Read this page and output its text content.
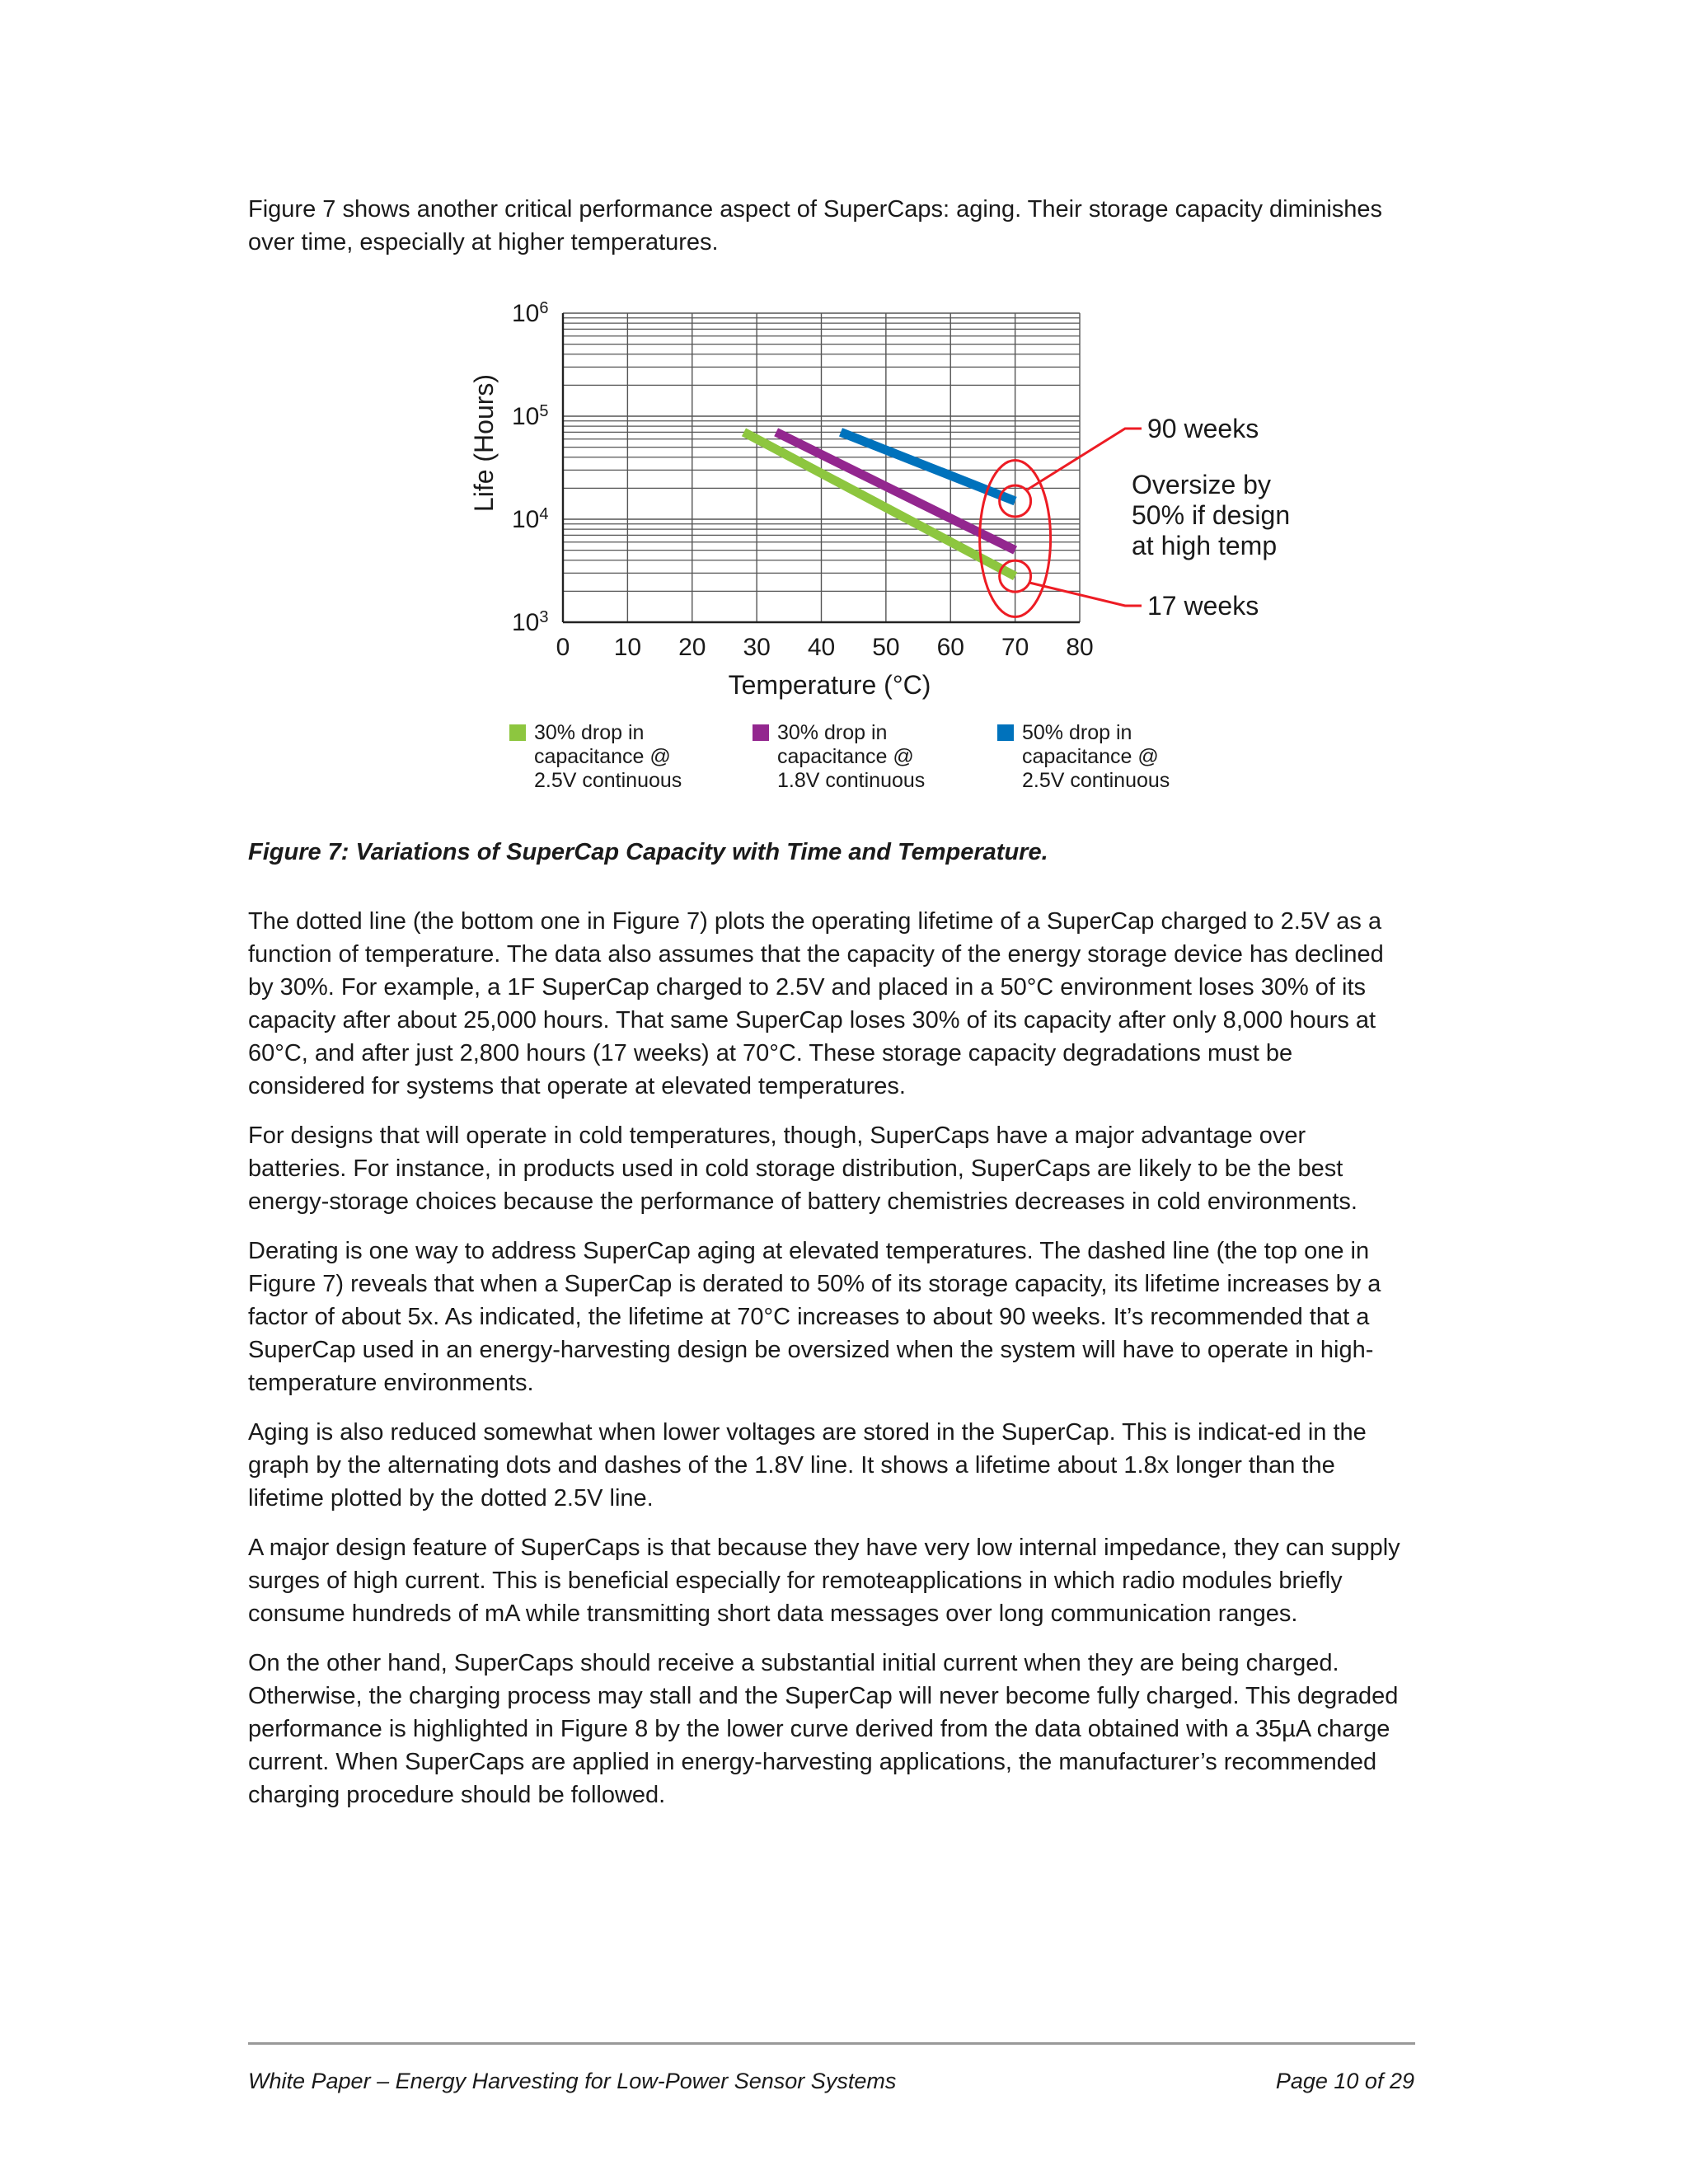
Figure 7 shows another critical performance aspect of SuperCaps: aging. Their storage capacity diminishes over time, especially at higher temperatures.

90 weeks
Oversize by
50% if design
at high temp
17 weeks
0 10 20 30 40 50 60 70 80
$10^3$
$10^4$
$10^5$
$10^6$
Temperature (°C)
Life (Hours)
30% drop in
capacitance @
2.5V continuous
30% drop in
capacitance @
1.8V continuous
50% drop in
capacitance @
2.5V continuous

Figure 7: Variations of SuperCap Capacity with Time and Temperature.

The dotted line (the bottom one in Figure 7) plots the operating lifetime of a SuperCap charged to 2.5V as a function of temperature. The data also assumes that the capacity of the energy storage device has declined by 30%. For example, a 1F SuperCap charged to 2.5V and placed in a 50°C environment loses 30% of its capacity after about 25,000 hours. That same SuperCap loses 30% of its capacity after only 8,000 hours at 60°C, and after just 2,800 hours (17 weeks) at 70°C. These storage capacity degradations must be considered for systems that operate at elevated temperatures.

For designs that will operate in cold temperatures, though, SuperCaps have a major advantage over batteries. For instance, in products used in cold storage distribution, SuperCaps are likely to be the best energy-storage choices because the performance of battery chemistries decreases in cold environments.

Derating is one way to address SuperCap aging at elevated temperatures. The dashed line (the top one in Figure 7) reveals that when a SuperCap is derated to 50% of its storage capacity, its lifetime increases by a factor of about 5x. As indicated, the lifetime at 70°C increases to about 90 weeks. It’s recommended that a SuperCap used in an energy-harvesting design be oversized when the system will have to operate in high-temperature environments.

Aging is also reduced somewhat when lower voltages are stored in the SuperCap. This is indicat-ed in the graph by the alternating dots and dashes of the 1.8V line. It shows a lifetime about 1.8x longer than the lifetime plotted by the dotted 2.5V line.

A major design feature of SuperCaps is that because they have very low internal impedance, they can supply surges of high current. This is beneficial especially for remoteapplications in which radio modules briefly consume hundreds of mA while transmitting short data messages over long communication ranges.

On the other hand, SuperCaps should receive a substantial initial current when they are being charged. Otherwise, the charging process may stall and the SuperCap will never become fully charged. This degraded performance is highlighted in Figure 8 by the lower curve derived from the data obtained with a 35µA charge current. When SuperCaps are applied in energy-harvesting applications, the manufacturer’s recommended charging procedure should be followed.

White Paper – Energy Harvesting for Low-Power Sensor Systems	Page 10 of 29
